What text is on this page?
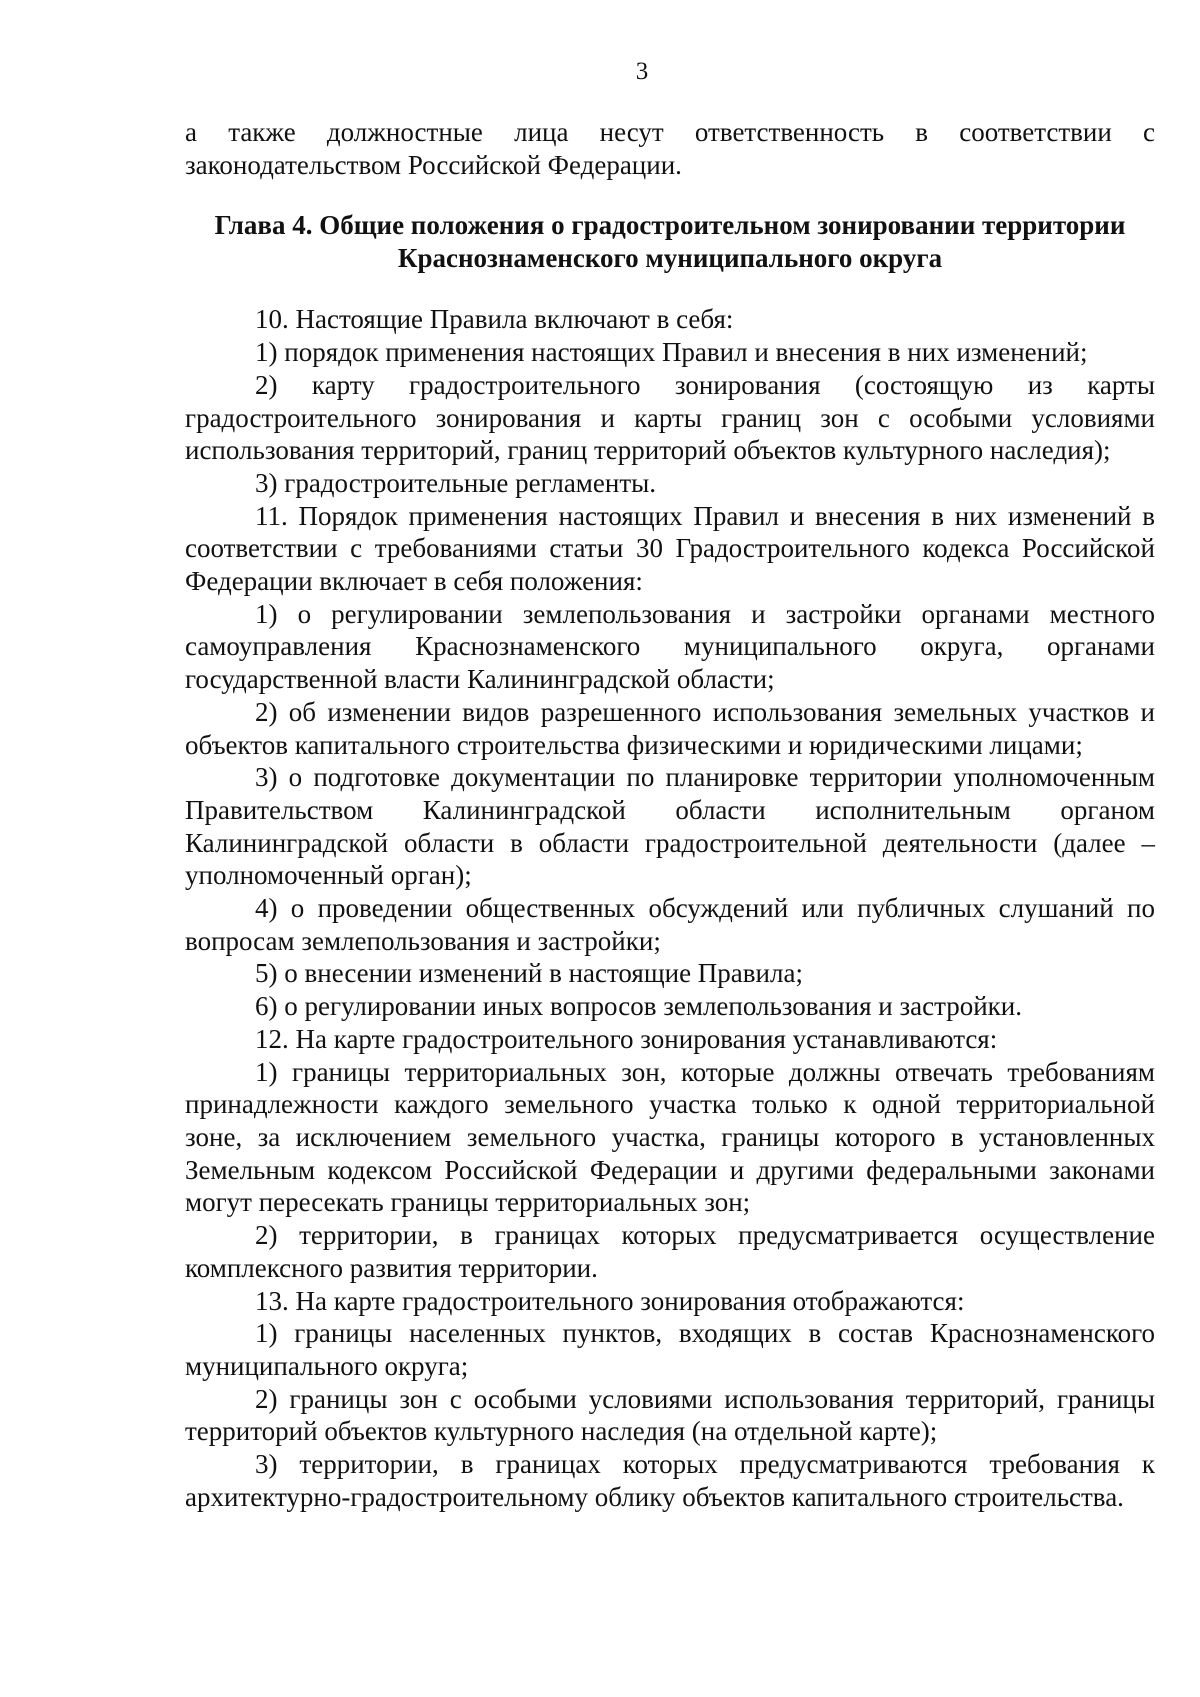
3

а также должностные лица несут ответственность в соответствии с законодательством Российской Федерации.

Глава 4. Общие положения о градостроительном зонировании территории

Краснознаменского муниципального округа

10. Настоящие Правила включают в себя:

1) порядок применения настоящих Правил и внесения в них изменений;

2) карту градостроительного зонирования (состоящую из карты градостроительного зонирования и карты границ зон с особыми условиями использования территорий, границ территорий объектов культурного наследия);

3) градостроительные регламенты.

11. Порядок применения настоящих Правил и внесения в них изменений в соответствии с требованиями статьи 30 Градостроительного кодекса Российской Федерации включает в себя положения:

1) о регулировании землепользования и застройки органами местного самоуправления Краснознаменского муниципального округа, органами государственной власти Калининградской области;

2) об изменении видов разрешенного использования земельных участков и объектов капитального строительства физическими и юридическими лицами;

3) о подготовке документации по планировке территории уполномоченным Правительством Калининградской области исполнительным органом Калининградской области в области градостроительной деятельности (далее – уполномоченный орган);

4) о проведении общественных обсуждений или публичных слушаний по вопросам землепользования и застройки;

5) о внесении изменений в настоящие Правила;

6) о регулировании иных вопросов землепользования и застройки.

12. На карте градостроительного зонирования устанавливаются:

1) границы территориальных зон, которые должны отвечать требованиям принадлежности каждого земельного участка только к одной территориальной зоне, за исключением земельного участка, границы которого в установленных Земельным кодексом Российской Федерации и другими федеральными законами могут пересекать границы территориальных зон;

2) территории, в границах которых предусматривается осуществление комплексного развития территории.

13. На карте градостроительного зонирования отображаются:

1) границы населенных пунктов, входящих в состав Краснознаменского муниципального округа;

2) границы зон с особыми условиями использования территорий, границы территорий объектов культурного наследия (на отдельной карте);

3) территории, в границах которых предусматриваются требования к архитектурно-градостроительному облику объектов капитального строительства.
